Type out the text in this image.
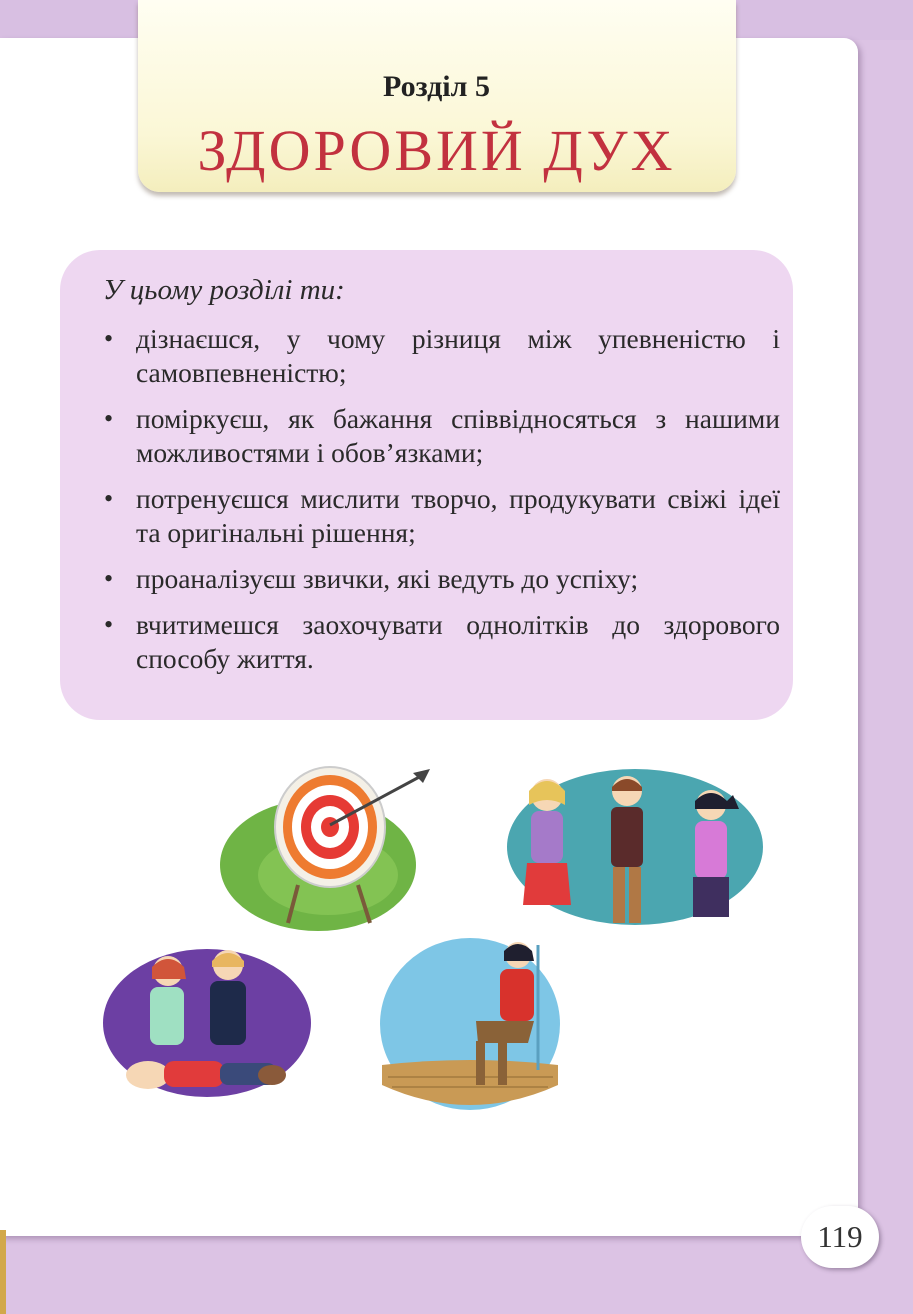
Розділ 5
ЗДОРОВИЙ ДУХ
У цьому розділі ти:
• дізнаєшся, у чому різниця між упевненістю і самовпевненістю;
• поміркуєш, як бажання співвідносяться з нашими можливостями і обов’язками;
• потренуєшся мислити творчо, продукувати свіжі ідеї та оригінальні рішення;
• проаналізуєш звички, які ведуть до успіху;
• вчитимешся заохочувати однолітків до здорового способу життя.
119
